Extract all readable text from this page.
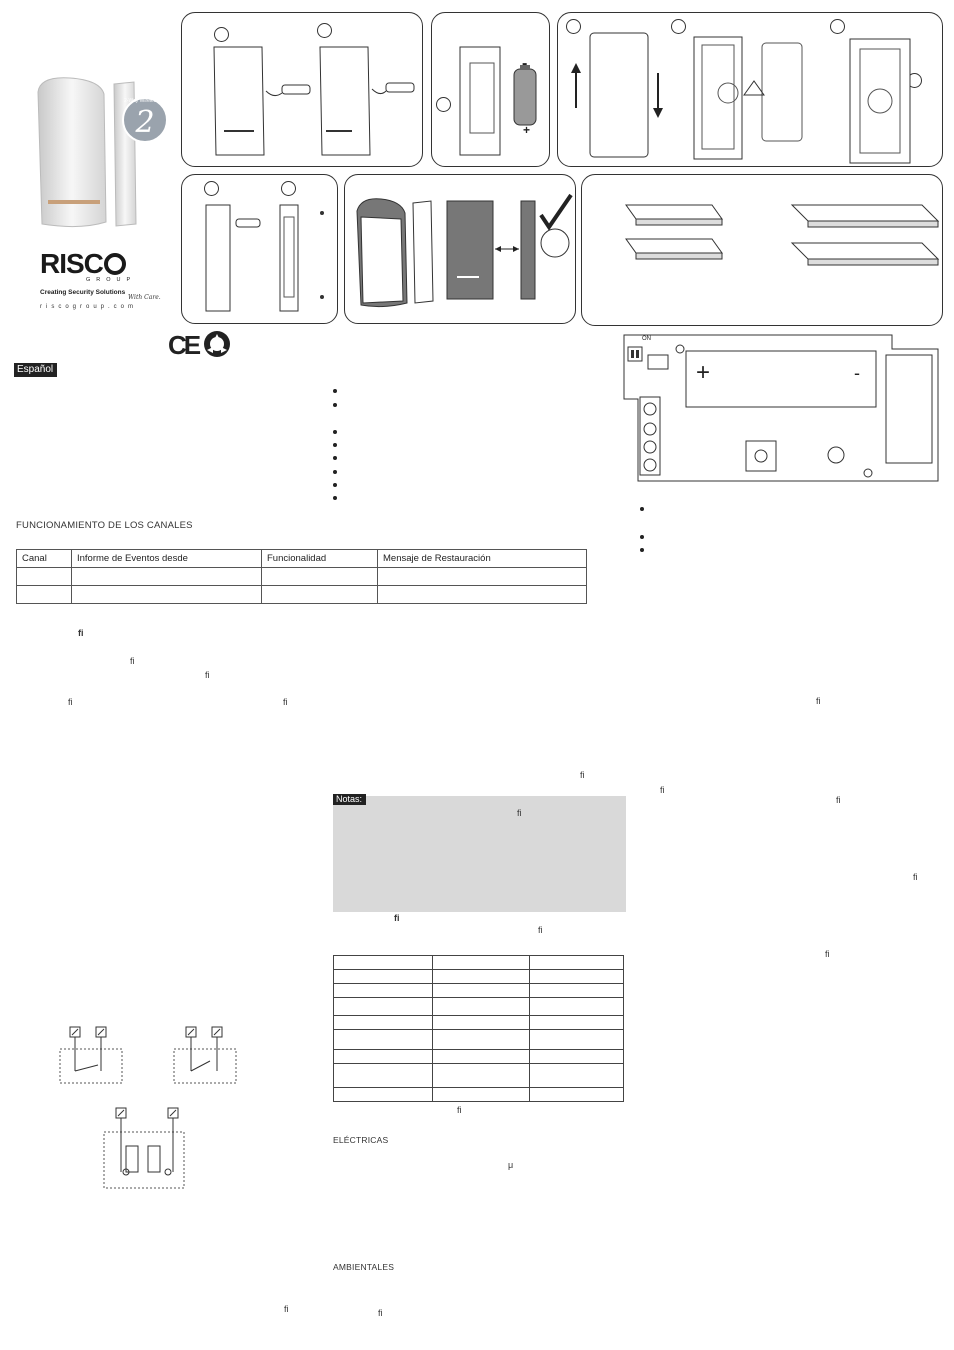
2
2-Way Wireless
RISC
GROUP
Creating Security Solutions
With Care.
riscogroup.com
CE
-
+
ON
+	-
Español
FUNCIONAMIENTO DE LOS CANALES
Canal	Informe de Eventos desde	Funcionalidad	Mensaje de Restauración

fi
fi
fi
fi	fi
fi
fi
Notas:
fi
fi
fi

fi
ELÉCTRICAS
μ
AMBIENTALES
fi
fi
fi
fi
fi
fi
